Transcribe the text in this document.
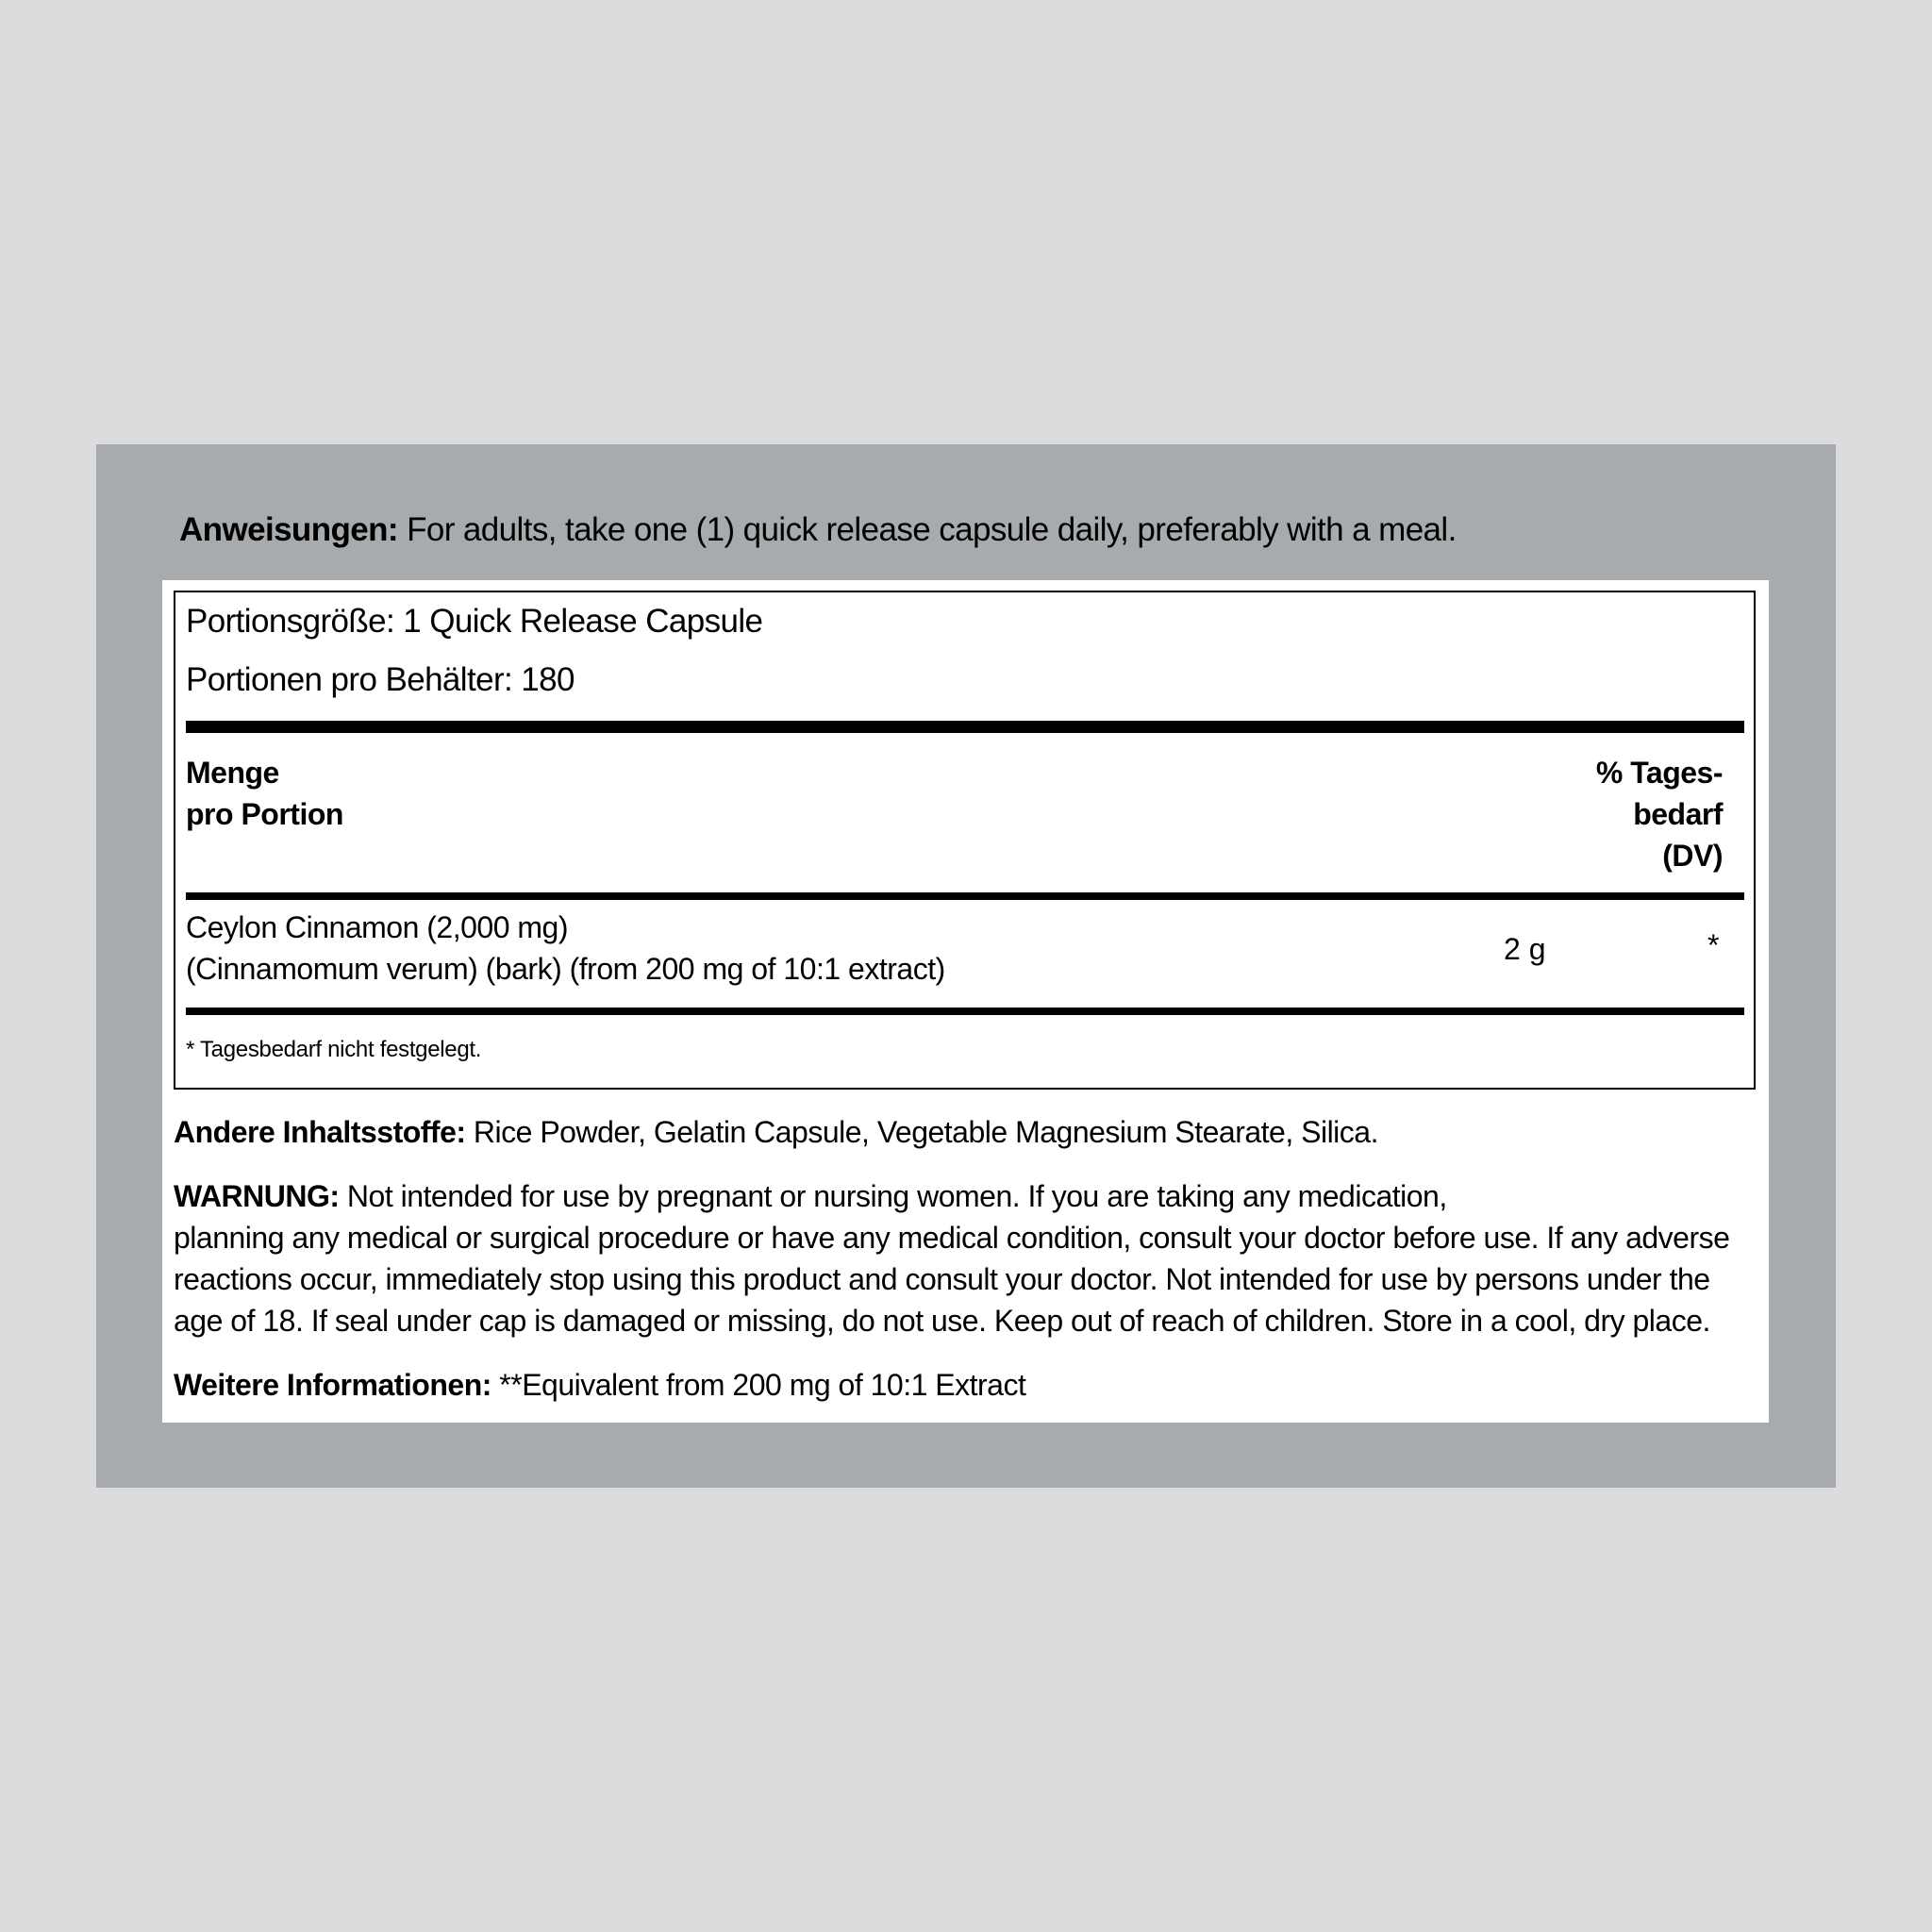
Anweisungen: For adults, take one (1) quick release capsule daily, preferably with a meal.
Portionsgröße: 1 Quick Release Capsule
Portionen pro Behälter: 180
Menge
pro Portion
% Tages-
bedarf
(DV)
Ceylon Cinnamon (2,000 mg)
(Cinnamomum verum) (bark) (from 200 mg of 10:1 extract)
2 g	*
* Tagesbedarf nicht festgelegt.
Andere Inhaltsstoffe: Rice Powder, Gelatin Capsule, Vegetable Magnesium Stearate, Silica.
WARNUNG: Not intended for use by pregnant or nursing women. If you are taking any medication,
planning any medical or surgical procedure or have any medical condition, consult your doctor before use. If any adverse
reactions occur, immediately stop using this product and consult your doctor. Not intended for use by persons under the
age of 18. If seal under cap is damaged or missing, do not use. Keep out of reach of children. Store in a cool, dry place.
Weitere Informationen: **Equivalent from 200 mg of 10:1 Extract
